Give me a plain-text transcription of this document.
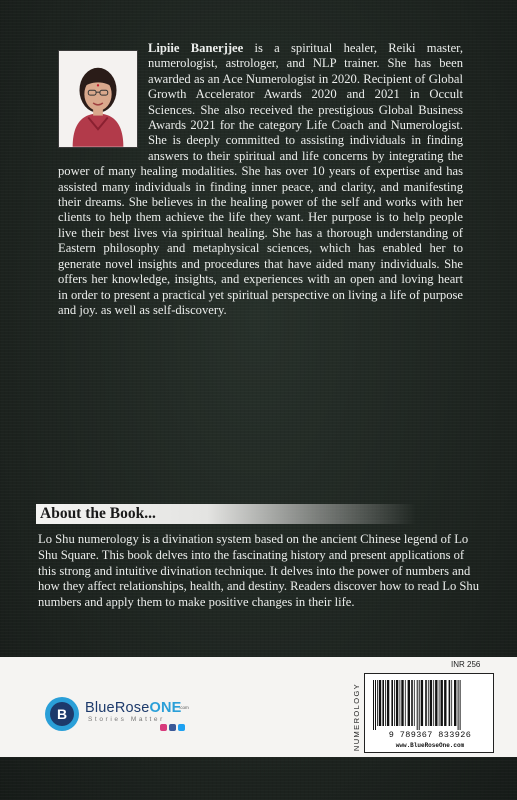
Lipiie Banerjjee is a spiritual healer, Reiki master, numerologist, astrologer, and NLP trainer. She has been awarded as an Ace Numerologist in 2020. Recipient of Global Growth Accelerator Awards 2020 and 2021 in Occult Sciences. She also received the prestigious Global Business Awards 2021 for the category Life Coach and Numerologist. She is deeply committed to assisting individuals in finding answers to their spiritual and life concerns by integrating the power of many healing modalities. She has over 10 years of expertise and has assisted many individuals in finding inner peace, and clarity, and manifesting their dreams. She believes in the healing power of the self and works with her clients to help them achieve the life they want. Her purpose is to help people live their best lives via spiritual healing. She has a thorough understanding of Eastern philosophy and metaphysical sciences, which has enabled her to generate novel insights and procedures that have aided many individuals. She offers her knowledge, insights, and experiences with an open and loving heart in order to present a practical yet spiritual perspective on living a life of purpose and joy. as well as self-discovery.
About the Book...
Lo Shu numerology is a divination system based on the ancient Chinese legend of Lo Shu Square. This book delves into the fascinating history and present applications of this strong and intuitive divination technique. It delves into the power of numbers and how they affect relationships, health, and destiny. Readers discover how to read Lo Shu numbers and apply them to make positive changes in their life.
B BlueRoseONE
.com
Stories Matter
INR 256
NUMEROLOGY	9 789367 833926
www.BlueRoseOne.com
